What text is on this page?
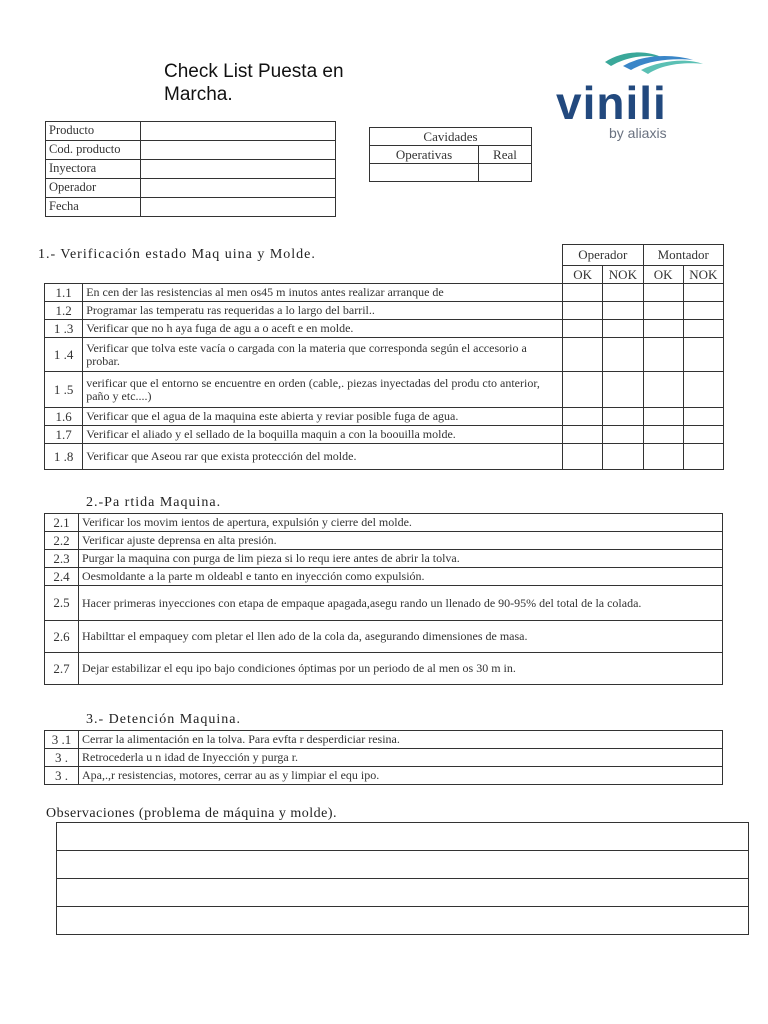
Check List Puesta en Marcha.	vinili
by aliaxis
Producto	
Cod. producto	
Inyectora	
Operador	
Fecha	
Cavidades	
Operativas	Real

1.- Verificación estado Maq uina y Molde.
		Operador		Montador	
		OK	NOK	OK	NOK
1.1	En cen der las resistencias al men os45 m inutos antes realizar arranque de				
1.2	Programar las temperatu ras requeridas a lo largo del barril..				
1 .3	Verificar que no h aya fuga de agu a o aceft e en molde.				
1 .4	Verificar que tolva este vacía o cargada con la materia que corresponda según el accesorio a probar.				
1 .5	verificar que el entorno se encuentre en orden (cable,. piezas inyectadas del produ cto anterior, paño y etc....)				
1.6	Verificar que el agua de la maquina este abierta y reviar posible fuga de agua.				
1.7	Verificar el aliado y el sellado de la boquilla maquin a con la boouilla molde.				
1 .8	Verificar que Aseou rar que exista protección del molde.				
2.-Pa rtida Maquina.
2.1	Verificar los movim ientos de apertura, expulsión y cierre del molde.
2.2	Verificar ajuste deprensa en alta presión.
2.3	Purgar la maquina con purga de lim pieza si lo requ iere antes de abrir la tolva.
2.4	Oesmoldante a la parte m oldeabl e tanto en inyección como expulsión.
2.5	Hacer primeras inyecciones con etapa de empaque apagada,asegu rando un llenado de 90-95% del total de la colada.
2.6	Habilttar el empaquey com pletar el llen ado de la cola da, asegurando dimensiones de masa.
2.7	Dejar estabilizar el equ ipo bajo condiciones óptimas por un periodo de al men os 30 m in.
3.- Detención Maquina.
3 .1	Cerrar la alimentación en la tolva. Para evfta r desperdiciar resina.
3 .	Retrocederla u n idad de Inyección y purga r.
3 .	Apa,.,r resistencias, motores, cerrar au as y limpiar el equ ipo.
Observaciones (problema de máquina y molde).
